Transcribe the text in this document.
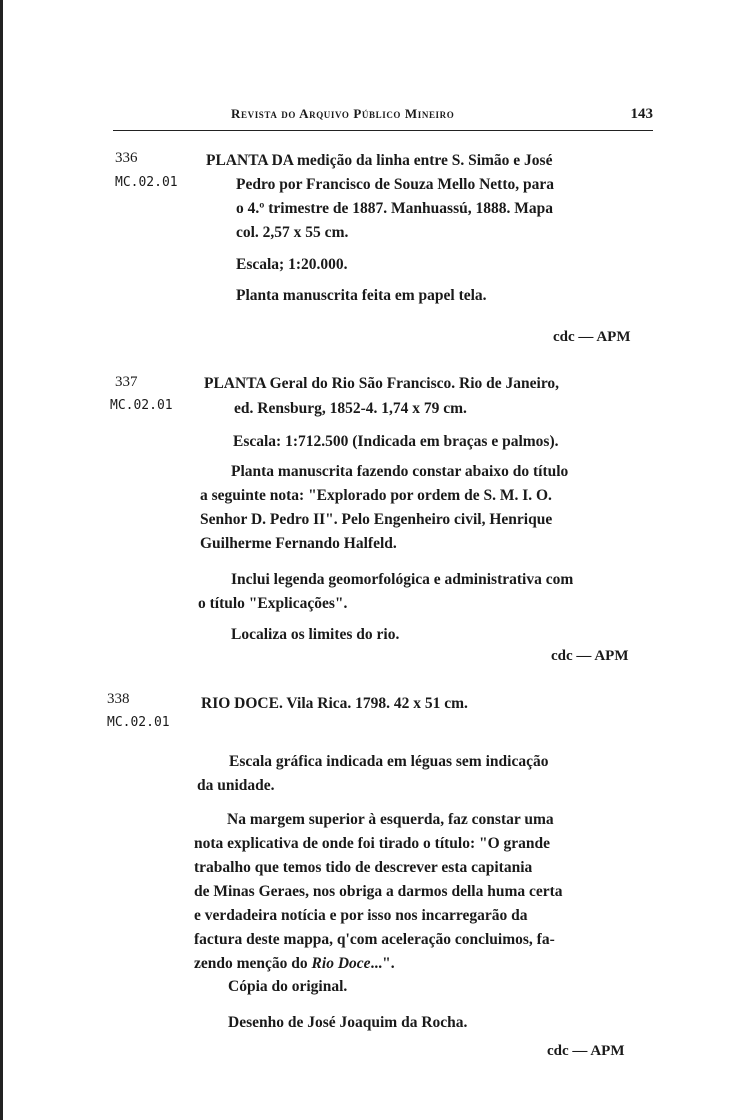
Revista do Arquivo Público Mineiro	143
336
MC.02.01
PLANTA DA medição da linha entre S. Simão e José
Pedro por Francisco de Souza Mello Netto, para
o 4.º trimestre de 1887. Manhuassú, 1888. Mapa
col. 2,57 x 55 cm.
Escala; 1:20.000.
Planta manuscrita feita em papel tela.
cdc — APM
337
MC.02.01
PLANTA Geral do Rio São Francisco. Rio de Janeiro,
ed. Rensburg, 1852-4. 1,74 x 79 cm.
Escala: 1:712.500 (Indicada em braças e palmos).
Planta manuscrita fazendo constar abaixo do título
a seguinte nota: "Explorado por ordem de S. M. I. O.
Senhor D. Pedro II". Pelo Engenheiro civil, Henrique
Guilherme Fernando Halfeld.
Inclui legenda geomorfológica e administrativa com
o título "Explicações".
Localiza os limites do rio.
cdc — APM
338
MC.02.01
RIO DOCE. Vila Rica. 1798. 42 x 51 cm.
Escala gráfica indicada em léguas sem indicação
da unidade.
Na margem superior à esquerda, faz constar uma
nota explicativa de onde foi tirado o título: "O grande
trabalho que temos tido de descrever esta capitania
de Minas Geraes, nos obriga a darmos della huma certa
e verdadeira notícia e por isso nos incarregarão da
factura deste mappa, q'com aceleração concluimos, fa-
zendo menção do Rio Doce...".
Cópia do original.
Desenho de José Joaquim da Rocha.
cdc — APM
